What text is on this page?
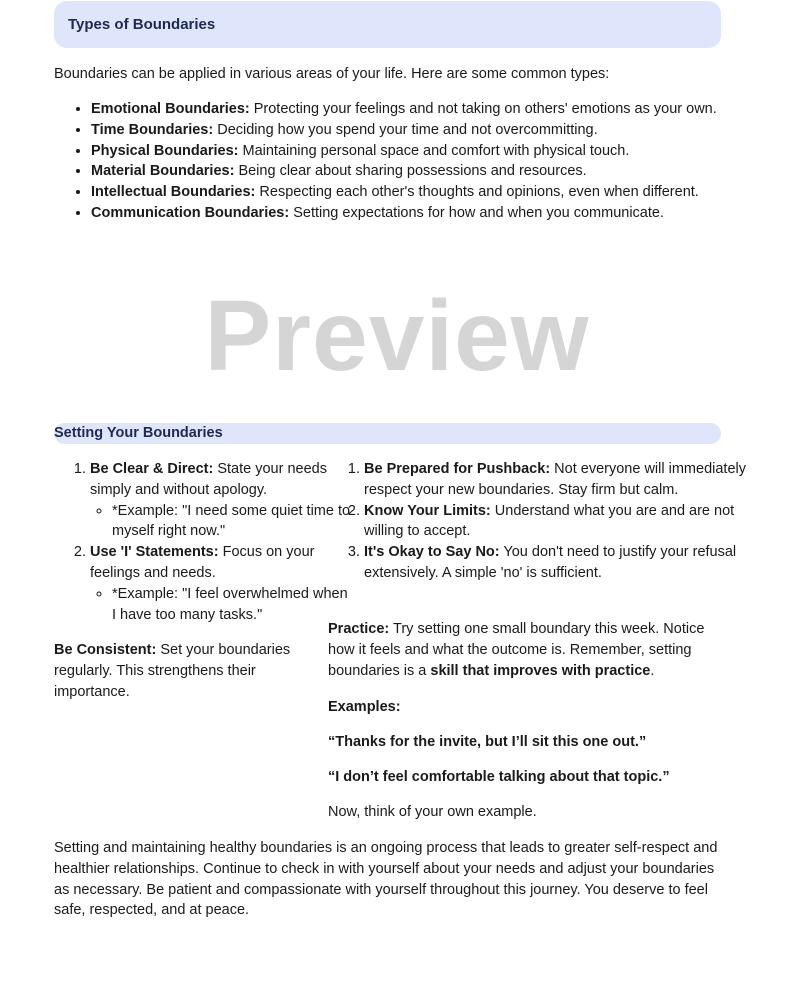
Types of Boundaries

Boundaries can be applied in various areas of your life. Here are some common types:

• Emotional Boundaries: Protecting your feelings and not taking on others' emotions as your own.
• Time Boundaries: Deciding how you spend your time and not overcommitting.
• Physical Boundaries: Maintaining personal space and comfort with physical touch.
• Material Boundaries: Being clear about sharing possessions and resources.
• Intellectual Boundaries: Respecting each other's thoughts and opinions, even when different.
• Communication Boundaries: Setting expectations for how and when you communicate.
Preview
Setting Your Boundaries
1. Be Clear & Direct: State your needs simply and without apology.
◦ *Example: "I need some quiet time to myself right now."
2. Use 'I' Statements: Focus on your feelings and needs.
◦ *Example: "I feel overwhelmed when I have too many tasks."

Be Consistent: Set your boundaries regularly. This strengthens their importance.

1. Be Prepared for Pushback: Not everyone will immediately respect your new boundaries. Stay firm but calm.
2. Know Your Limits: Understand what you are and are not willing to accept.
3. It's Okay to Say No: You don't need to justify your refusal extensively. A simple 'no' is sufficient.

Practice: Try setting one small boundary this week. Notice how it feels and what the outcome is. Remember, setting boundaries is a skill that improves with practice.

Examples:

“Thanks for the invite, but I’ll sit this one out.”

“I don’t feel comfortable talking about that topic.”

Now, think of your own example.

Setting and maintaining healthy boundaries is an ongoing process that leads to greater self-respect and healthier relationships. Continue to check in with yourself about your needs and adjust your boundaries as necessary. Be patient and compassionate with yourself throughout this journey. You deserve to feel safe, respected, and at peace.
